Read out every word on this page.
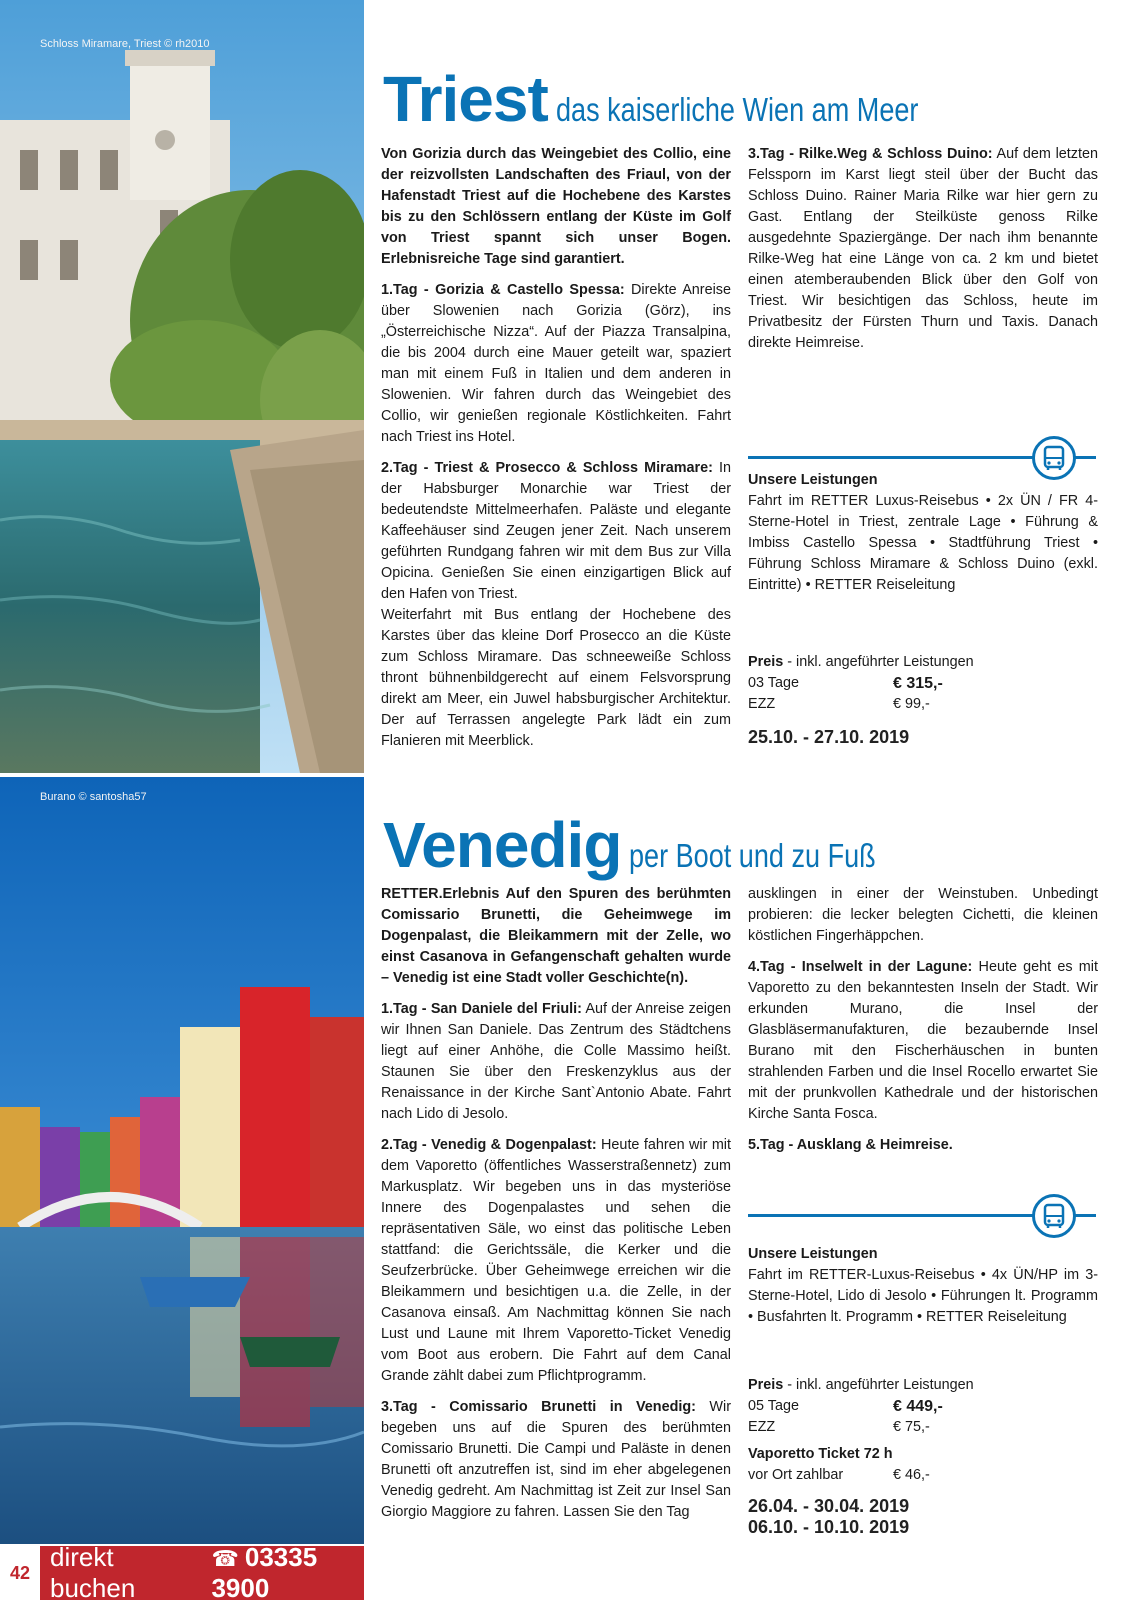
Schloss Miramare, Triest © rh2010
Burano © santosha57
Triest das kaiserliche Wien am Meer

Von Gorizia durch das Weingebiet des Collio, eine der reizvollsten Landschaften des Friaul, von der Hafenstadt Triest auf die Hochebene des Karstes bis zu den Schlössern entlang der Küste im Golf von Triest spannt sich unser Bogen. Erlebnisreiche Tage sind garantiert.

1.Tag - Gorizia & Castello Spessa: Direkte Anreise über Slowenien nach Gorizia (Görz), ins „Österreichische Nizza“. Auf der Piazza Transalpina, die bis 2004 durch eine Mauer geteilt war, spaziert man mit einem Fuß in Italien und dem anderen in Slowenien. Wir fahren durch das Weingebiet des Collio, wir genießen regionale Köstlichkeiten. Fahrt nach Triest ins Hotel.

2.Tag - Triest & Prosecco & Schloss Miramare: In der Habsburger Monarchie war Triest der bedeutendste Mittelmeerhafen. Paläste und elegante Kaffeehäuser sind Zeugen jener Zeit. Nach unserem geführten Rundgang fahren wir mit dem Bus zur Villa Opicina. Genießen Sie einen einzigartigen Blick auf den Hafen von Triest.

Weiterfahrt mit Bus entlang der Hochebene des Karstes über das kleine Dorf Prosecco an die Küste zum Schloss Miramare. Das schneeweiße Schloss thront bühnenbildgerecht auf einem Felsvorsprung direkt am Meer, ein Juwel habsburgischer Architektur. Der auf Terrassen angelegte Park lädt ein zum Flanieren mit Meerblick.

3.Tag - Rilke.Weg & Schloss Duino: Auf dem letzten Felssporn im Karst liegt steil über der Bucht das Schloss Duino. Rainer Maria Rilke war hier gern zu Gast. Entlang der Steilküste genoss Rilke ausgedehnte Spaziergänge. Der nach ihm benannte Rilke-Weg hat eine Länge von ca. 2 km und bietet einen atemberaubenden Blick über den Golf von Triest. Wir besichtigen das Schloss, heute im Privatbesitz der Fürsten Thurn und Taxis. Danach direkte Heimreise.

Unsere Leistungen
Fahrt im RETTER Luxus-Reisebus • 2x ÜN / FR 4-Sterne-Hotel in Triest, zentrale Lage • Führung & Imbiss Castello Spessa • Stadtführung Triest • Führung Schloss Miramare & Schloss Duino (exkl. Eintritte) • RETTER Reiseleitung
Preis - inkl. angeführter Leistungen
03 Tage	€ 315,-
EZZ	€ 99,-
25.10. - 27.10. 2019
Venedig per Boot und zu Fuß

RETTER.Erlebnis Auf den Spuren des berühmten Comissario Brunetti, die Geheimwege im Dogenpalast, die Bleikammern mit der Zelle, wo einst Casanova in Gefangenschaft gehalten wurde – Venedig ist eine Stadt voller Geschichte(n).

1.Tag - San Daniele del Friuli: Auf der Anreise zeigen wir Ihnen San Daniele. Das Zentrum des Städtchens liegt auf einer Anhöhe, die Colle Massimo heißt. Staunen Sie über den Freskenzyklus aus der Renaissance in der Kirche Sant`Antonio Abate. Fahrt nach Lido di Jesolo.

2.Tag - Venedig & Dogenpalast: Heute fahren wir mit dem Vaporetto (öffentliches Wasserstraßennetz) zum Markusplatz. Wir begeben uns in das mysteriöse Innere des Dogenpalastes und sehen die repräsentativen Säle, wo einst das politische Leben stattfand: die Gerichtssäle, die Kerker und die Seufzerbrücke. Über Geheimwege erreichen wir die Bleikammern und besichtigen u.a. die Zelle, in der Casanova einsaß. Am Nachmittag können Sie nach Lust und Laune mit Ihrem Vaporetto-Ticket Venedig vom Boot aus erobern. Die Fahrt auf dem Canal Grande zählt dabei zum Pflichtprogramm.

3.Tag - Comissario Brunetti in Venedig: Wir begeben uns auf die Spuren des berühmten Comissario Brunetti. Die Campi und Paläste in denen Brunetti oft anzutreffen ist, sind im eher abgelegenen Venedig gedreht. Am Nachmittag ist Zeit zur Insel San Giorgio Maggiore zu fahren. Lassen Sie den Tag

ausklingen in einer der Weinstuben. Unbedingt probieren: die lecker belegten Cichetti, die kleinen köstlichen Fingerhäppchen.

4.Tag - Inselwelt in der Lagune: Heute geht es mit Vaporetto zu den bekanntesten Inseln der Stadt. Wir erkunden Murano, die Insel der Glasbläsermanufakturen, die bezaubernde Insel Burano mit den Fischerhäuschen in bunten strahlenden Farben und die Insel Rocello erwartet Sie mit der prunkvollen Kathedrale und der historischen Kirche Santa Fosca.

5.Tag - Ausklang & Heimreise.

Unsere Leistungen
Fahrt im RETTER-Luxus-Reisebus • 4x ÜN/HP im 3-Sterne-Hotel, Lido di Jesolo • Führungen lt. Programm • Busfahrten lt. Programm • RETTER Reiseleitung
Preis - inkl. angeführter Leistungen
05 Tage	€ 449,-
EZZ	€ 75,-
Vaporetto Ticket 72 h
vor Ort zahlbar	€ 46,-
26.04. - 30.04. 2019
06.10. - 10.10. 2019
42
direkt buchen
☎ 03335 3900
